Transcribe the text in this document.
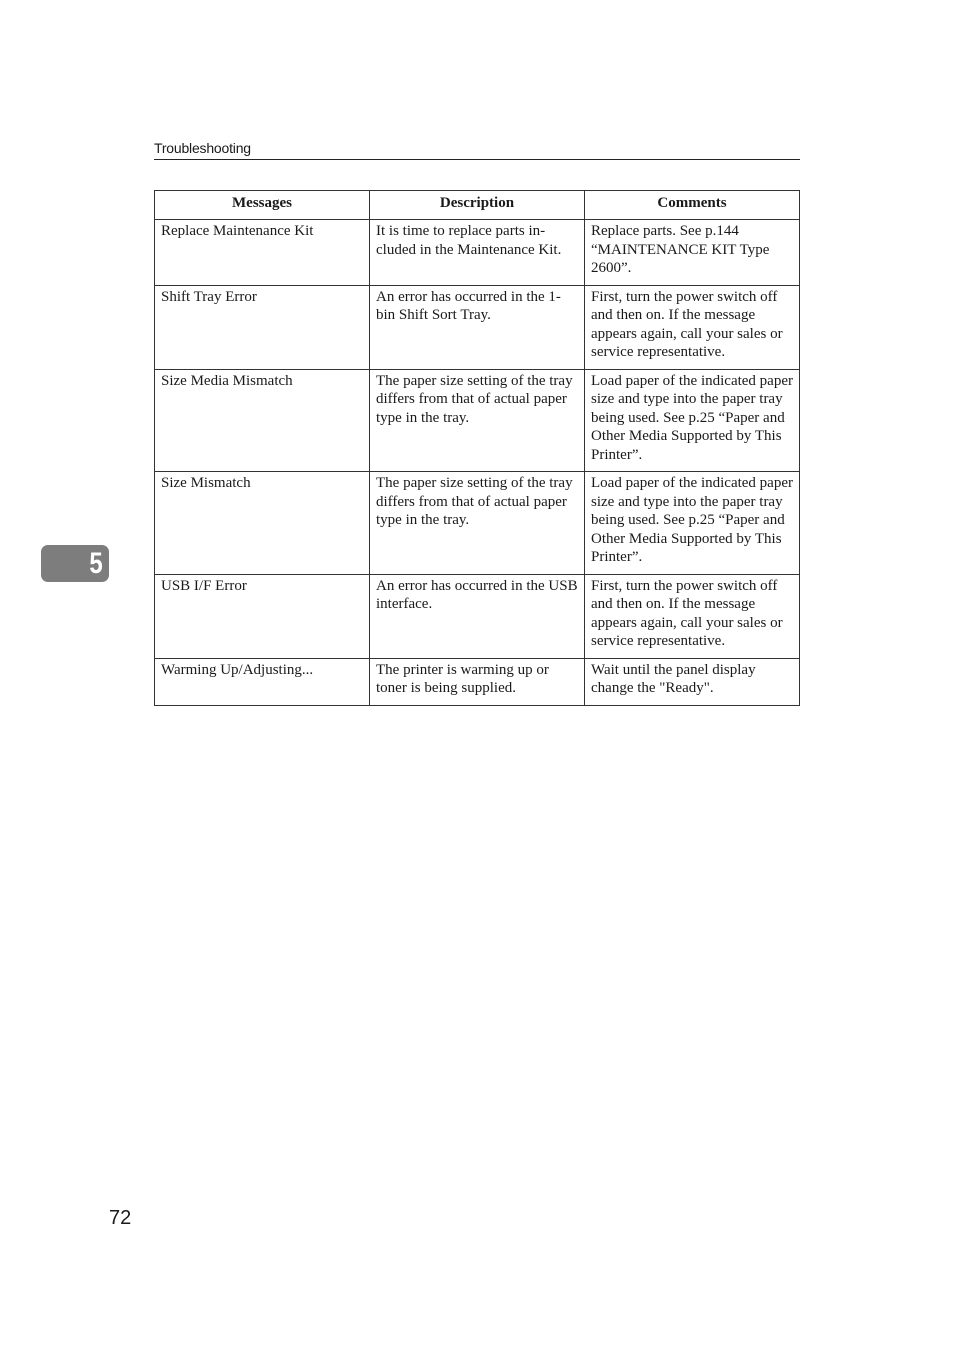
Troubleshooting
Messages	Description	Comments
Replace Maintenance Kit	It is time to replace parts in-cluded in the Maintenance Kit.	Replace parts. See p.144 “MAINTENANCE KIT Type 2600”.
Shift Tray Error	An error has occurred in the 1-bin Shift Sort Tray.	First, turn the power switch off and then on. If the message appears again, call your sales or service representative.
Size Media Mismatch	The paper size setting of the tray differs from that of actual paper type in the tray.	Load paper of the indicated paper size and type into the paper tray being used. See p.25 “Paper and Other Media Supported by This Printer”.
Size Mismatch	The paper size setting of the tray differs from that of actual paper type in the tray.	Load paper of the indicated paper size and type into the paper tray being used. See p.25 “Paper and Other Media Supported by This Printer”.
USB I/F Error	An error has occurred in the USB interface.	First, turn the power switch off and then on. If the message appears again, call your sales or service representative.
Warming Up/Adjusting...	The printer is warming up or toner is being supplied.	Wait until the panel display change the "Ready".
5
72
